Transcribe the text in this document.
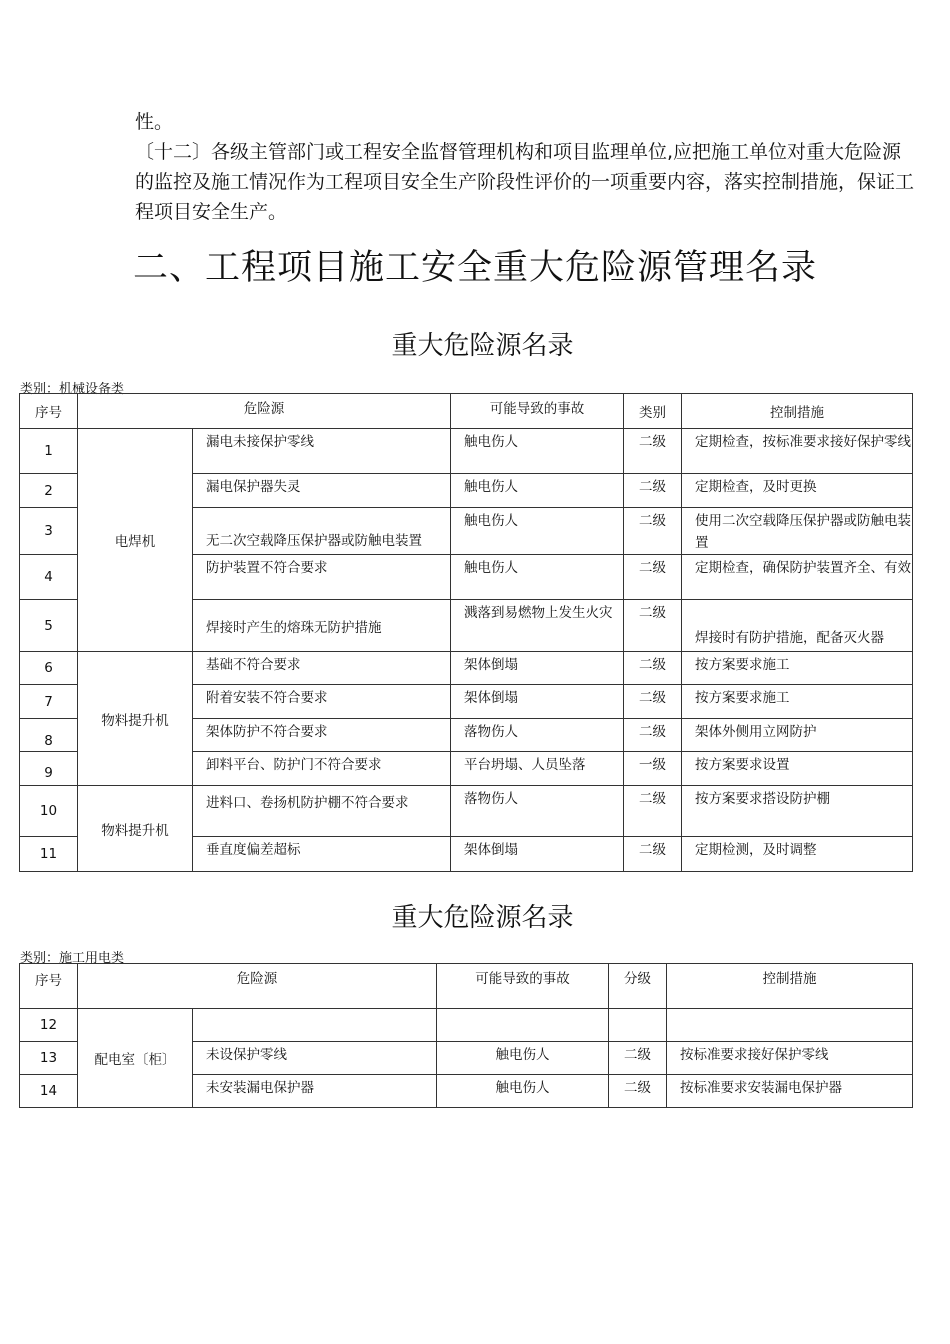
性。

〔十二〕各级主管部门或工程安全监督管理机构和项目监理单位,应把施工单位对重大危险源的监控及施工情况作为工程项目安全生产阶段性评价的一项重要内容，落实控制措施，保证工程项目安全生产。

二、工程项目施工安全重大危险源管理名录
重大危险源名录

类别：机械设备类

序号	危险源		可能导致的事故	类别	控制措施
1	电焊机	漏电未接保护零线	触电伤人	二级	定期检查，按标准要求接好保护零线
2		漏电保护器失灵	触电伤人	二级	定期检查，及时更换
3		无二次空载降压保护器或防触电装置	触电伤人	二级	使用二次空载降压保护器或防触电装置
4		防护装置不符合要求	触电伤人	二级	定期检查，确保防护装置齐全、有效
5		焊接时产生的熔珠无防护措施	溅落到易燃物上发生火灾	二级	焊接时有防护措施，配备灭火器
6	物料提升机	基础不符合要求	架体倒塌	二级	按方案要求施工
7		附着安装不符合要求	架体倒塌	二级	按方案要求施工
8		架体防护不符合要求	落物伤人	二级	架体外侧用立网防护
9		卸料平台、防护门不符合要求	平台坍塌、人员坠落	一级	按方案要求设置
10	物料提升机	进料口、卷扬机防护棚不符合要求	落物伤人	二级	按方案要求搭设防护棚
11		垂直度偏差超标	架体倒塌	二级	定期检测，及时调整
重大危险源名录

类别：施工用电类

序号	危险源		可能导致的事故	分级	控制措施
12	配电室〔柜〕				
13		未设保护零线	触电伤人	二级	按标准要求接好保护零线
14		未安装漏电保护器	触电伤人	二级	按标准要求安装漏电保护器
